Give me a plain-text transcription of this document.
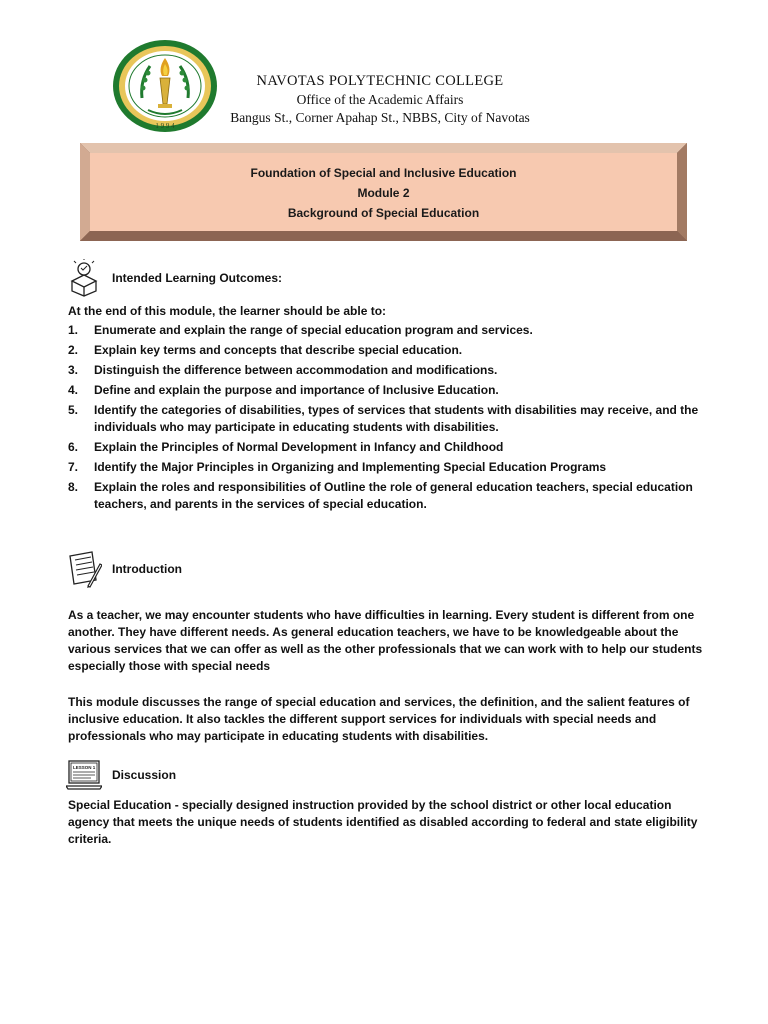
1 9 9 4
NAVOTAS POLYTECHNIC COLLEGE
Office of the Academic Affairs
Bangus St., Corner Apahap St., NBBS, City of Navotas
Foundation of Special and Inclusive Education
Module 2
Background of Special Education
Intended Learning Outcomes:
At the end of this module, the learner should be able to:
1.	Enumerate and explain the range of special education program and services.
2.	Explain key terms and concepts that describe special education.
3.	Distinguish the difference between accommodation and modifications.
4.	Define and explain the purpose and importance of Inclusive Education.
5.	Identify the categories of disabilities, types of services that students with disabilities may receive, and the individuals who may participate in educating students with disabilities.
6.	Explain the Principles of Normal Development in Infancy and Childhood
7.	Identify the Major Principles in Organizing and Implementing Special Education Programs
8.	Explain the roles and responsibilities of Outline the role of general education teachers, special education teachers, and parents in the services of special education.
Introduction

As a teacher, we may encounter students who have difficulties in learning. Every student is different from one another. They have different needs. As general education teachers, we have to be knowledgeable about the various services that we can offer as well as the other professionals that we can work with to help our students especially those with special needs

This module discusses the range of special education and services, the definition, and the salient features of inclusive education. It also tackles the different support services for individuals with special needs and professionals who may participate in educating students with disabilities.

LESSON 1
Discussion

Special Education - specially designed instruction provided by the school district or other local education agency that meets the unique needs of students identified as disabled according to federal and state eligibility criteria.
